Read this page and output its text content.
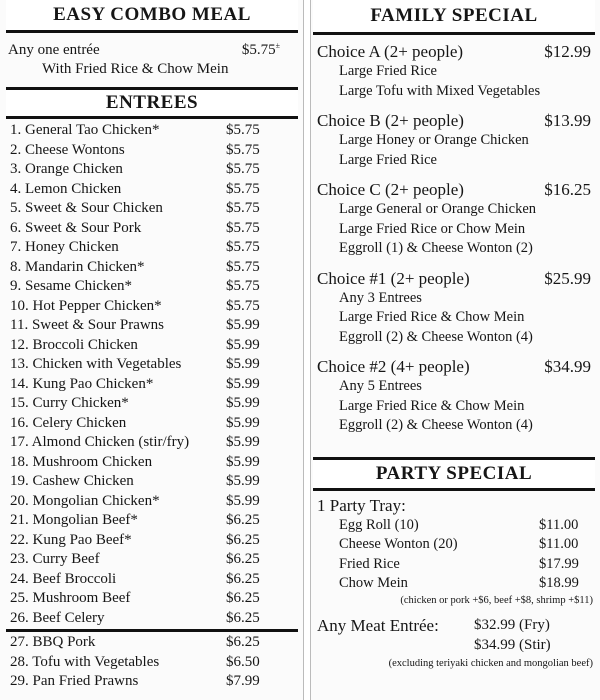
EASY COMBO MEAL
Any one entrée	$5.75±
With Fried Rice & Chow Mein
ENTREES
1. General Tao Chicken*	$5.75
2. Cheese Wontons	$5.75
3. Orange Chicken	$5.75
4. Lemon Chicken	$5.75
5. Sweet & Sour Chicken	$5.75
6. Sweet & Sour Pork	$5.75
7. Honey Chicken	$5.75
8. Mandarin Chicken*	$5.75
9. Sesame Chicken*	$5.75
10. Hot Pepper Chicken*	$5.75
11. Sweet & Sour Prawns	$5.99
12. Broccoli Chicken	$5.99
13. Chicken with Vegetables	$5.99
14. Kung Pao Chicken*	$5.99
15. Curry Chicken*	$5.99
16. Celery Chicken	$5.99
17. Almond Chicken (stir/fry) $5.99
18. Mushroom Chicken	$5.99
19. Cashew Chicken	$5.99
20. Mongolian Chicken*	$5.99
21. Mongolian Beef*	$6.25
22. Kung Pao Beef*	$6.25
23. Curry Beef	$6.25
24. Beef Broccoli	$6.25
25. Mushroom Beef	$6.25
26. Beef Celery	$6.25
27. BBQ Pork	$6.25
28. Tofu with Vegetables	$6.50
29. Pan Fried Prawns	$7.99
FAMILY SPECIAL
Choice A (2+ people)	$12.99
Large Fried Rice
Large Tofu with Mixed Vegetables
Choice B (2+ people)	$13.99
Large Honey or Orange Chicken
Large Fried Rice
Choice C (2+ people)	$16.25
Large General or Orange Chicken
Large Fried Rice or Chow Mein
Eggroll (1) & Cheese Wonton (2)
Choice #1 (2+ people)	$25.99
Any 3 Entrees
Large Fried Rice & Chow Mein
Eggroll (2) & Cheese Wonton (4)
Choice #2 (4+ people)	$34.99
Any 5 Entrees
Large Fried Rice & Chow Mein
Eggroll (2) & Cheese Wonton (4)
PARTY SPECIAL
1 Party Tray:
Egg Roll (10)	$11.00
Cheese Wonton (20)	$11.00
Fried Rice	$17.99
Chow Mein	$18.99
(chicken or pork +$6, beef +$8, shrimp +$11)
Any Meat Entrée:	$32.99 (Fry)
$34.99 (Stir)
(excluding teriyaki chicken and mongolian beef)
